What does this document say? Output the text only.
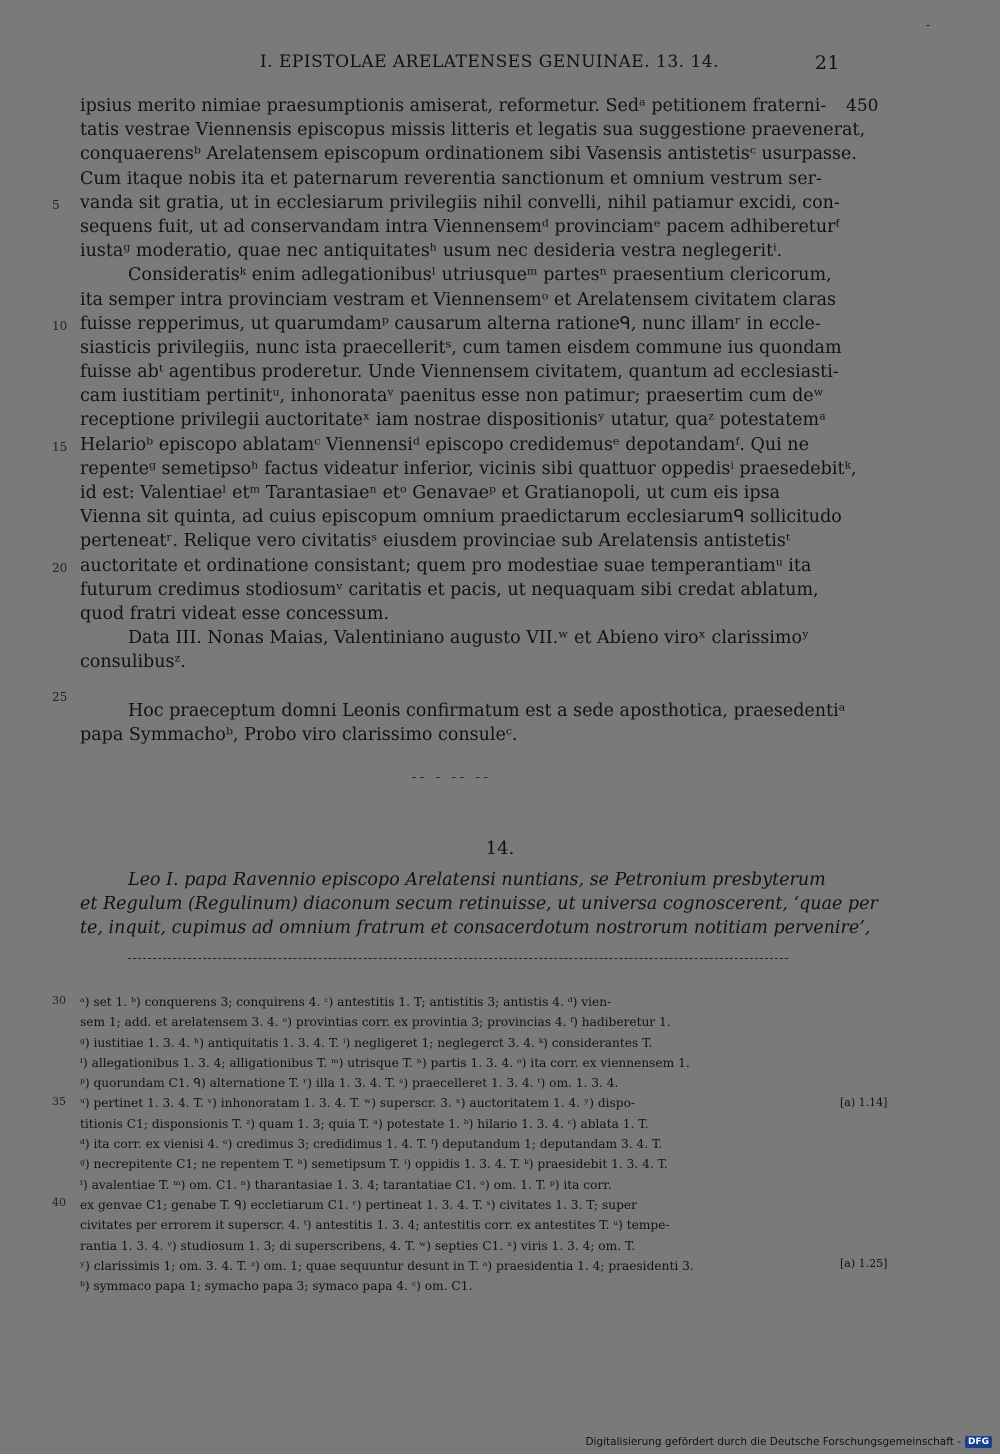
-
I. EPISTOLAE ARELATENSES GENUINAE. 13. 14.	21
450
5
10
15
20
25
ipsius merito nimiae praesumptionis amiserat, reformetur. Sedᵃ petitionem fraterni-
tatis vestrae Viennensis episcopus missis litteris et legatis sua suggestione praevenerat,
conquaerensᵇ Arelatensem episcopum ordinationem sibi Vasensis antistetisᶜ usurpasse.
Cum itaque nobis ita et paternarum reverentia sanctionum et omnium vestrum ser-
vanda sit gratia, ut in ecclesiarum privilegiis nihil convelli, nihil patiamur excidi, con-
sequens fuit, ut ad conservandam intra Viennensemᵈ provinciamᵉ pacem adhibereturᶠ
iustaᵍ moderatio, quae nec antiquitatesʰ usum nec desideria vestra neglegeritⁱ.
Consideratisᵏ enim adlegationibusˡ utriusqueᵐ partesⁿ praesentium clericorum,
ita semper intra provinciam vestram et Viennensemᵒ et Arelatensem civitatem claras
fuisse repperimus, ut quarumdamᵖ causarum alterna rationeᑫ, nunc illamʳ in eccle-
siasticis privilegiis, nunc ista praecelleritˢ, cum tamen eisdem commune ius quondam
fuisse abᵗ agentibus proderetur. Unde Viennensem civitatem, quantum ad ecclesiasti-
cam iustitiam pertinitᵘ, inhonorataᵛ paenitus esse non patimur; praesertim cum deʷ
receptione privilegii auctoritateˣ iam nostrae dispositionisʸ utatur, quaᶻ potestatemᵃ
Helarioᵇ episcopo ablatamᶜ Viennensiᵈ episcopo credidemusᵉ depotandamᶠ. Qui ne
repenteᵍ semetipsoʰ factus videatur inferior, vicinis sibi quattuor oppedisⁱ praesedebitᵏ,
id est: Valentiaeˡ etᵐ Tarantasiaeⁿ etᵒ Genavaeᵖ et Gratianopoli, ut cum eis ipsa
Vienna sit quinta, ad cuius episcopum omnium praedictarum ecclesiarumᑫ sollicitudo
perteneatʳ. Relique vero civitatisˢ eiusdem provinciae sub Arelatensis antistetisᵗ
auctoritate et ordinatione consistant; quem pro modestiae suae temperantiamᵘ ita
futurum credimus stodiosumᵛ caritatis et pacis, ut nequaquam sibi credat ablatum,
quod fratri videat esse concessum.
Data III. Nonas Maias, Valentiniano augusto VII.ʷ et Abieno viroˣ clarissimoʸ
consulibusᶻ.
Hoc praeceptum domni Leonis confirmatum est a sede aposthotica, praesedentiᵃ
papa Symmachoᵇ, Probo viro clarissimo consuleᶜ.
-- - -- --
14.
Leo I. papa Ravennio episcopo Arelatensi nuntians, se Petronium presbyterum
et Regulum (Regulinum) diaconum secum retinuisse, ut universa cognoscerent, ‘quae per
te, inquit, cupimus ad omnium fratrum et consacerdotum nostrorum notitiam pervenire’,
30
35
40
[a) 1.14]
[a) 1.25]
ᵃ) set 1. ᵇ) conquerens 3; conquirens 4. ᶜ) antestitis 1. T; antistitis 3; antistis 4. ᵈ) vien-
sem 1; add. et arelatensem 3. 4. ᵉ) provintias corr. ex provintia 3; provincias 4. ᶠ) hadiberetur 1.
ᵍ) iustitiae 1. 3. 4. ʰ) antiquitatis 1. 3. 4. T. ⁱ) negligeret 1; neglegerct 3. 4. ᵏ) considerantes T.
ˡ) allegationibus 1. 3. 4; alligationibus T. ᵐ) utrisque T. ⁿ) partis 1. 3. 4. ᵒ) ita corr. ex viennensem 1.
ᵖ) quorundam C1. ᑫ) alternatione T. ʳ) illa 1. 3. 4. T. ˢ) praecelleret 1. 3. 4. ᵗ) om. 1. 3. 4.
ᵘ) pertinet 1. 3. 4. T. ᵛ) inhonoratam 1. 3. 4. T. ʷ) superscr. 3. ˣ) auctoritatem 1. 4. ʸ) dispo-
titionis C1; disponsionis T. ᶻ) quam 1. 3; quia T. ᵃ) potestate 1. ᵇ) hilario 1. 3. 4. ᶜ) ablata 1. T.
ᵈ) ita corr. ex vienisi 4. ᵉ) credimus 3; credidimus 1. 4. T. ᶠ) deputandum 1; deputandam 3. 4. T.
ᵍ) necrepitente C1; ne repentem T. ʰ) semetipsum T. ⁱ) oppidis 1. 3. 4. T. ᵏ) praesidebit 1. 3. 4. T.
ˡ) avalentiae T. ᵐ) om. C1. ⁿ) tharantasiae 1. 3. 4; tarantatiae C1. ᵒ) om. 1. T. ᵖ) ita corr.
ex genvae C1; genabe T. ᑫ) eccletiarum C1. ʳ) pertineat 1. 3. 4. T. ˢ) civitates 1. 3. T; super
civitates per errorem it superscr. 4. ᵗ) antestitis 1. 3. 4; antestitis corr. ex antestites T. ᵘ) tempe-
rantia 1. 3. 4. ᵛ) studiosum 1. 3; di superscribens, 4. T. ʷ) septies C1. ˣ) viris 1. 3. 4; om. T.
ʸ) clarissimis 1; om. 3. 4. T. ᶻ) om. 1; quae sequuntur desunt in T. ᵃ) praesidentia 1. 4; praesidenti 3.
ᵇ) symmaco papa 1; symacho papa 3; symaco papa 4. ᶜ) om. C1.
Digitalisierung gefördert durch die Deutsche Forschungsgemeinschaft - DFG
